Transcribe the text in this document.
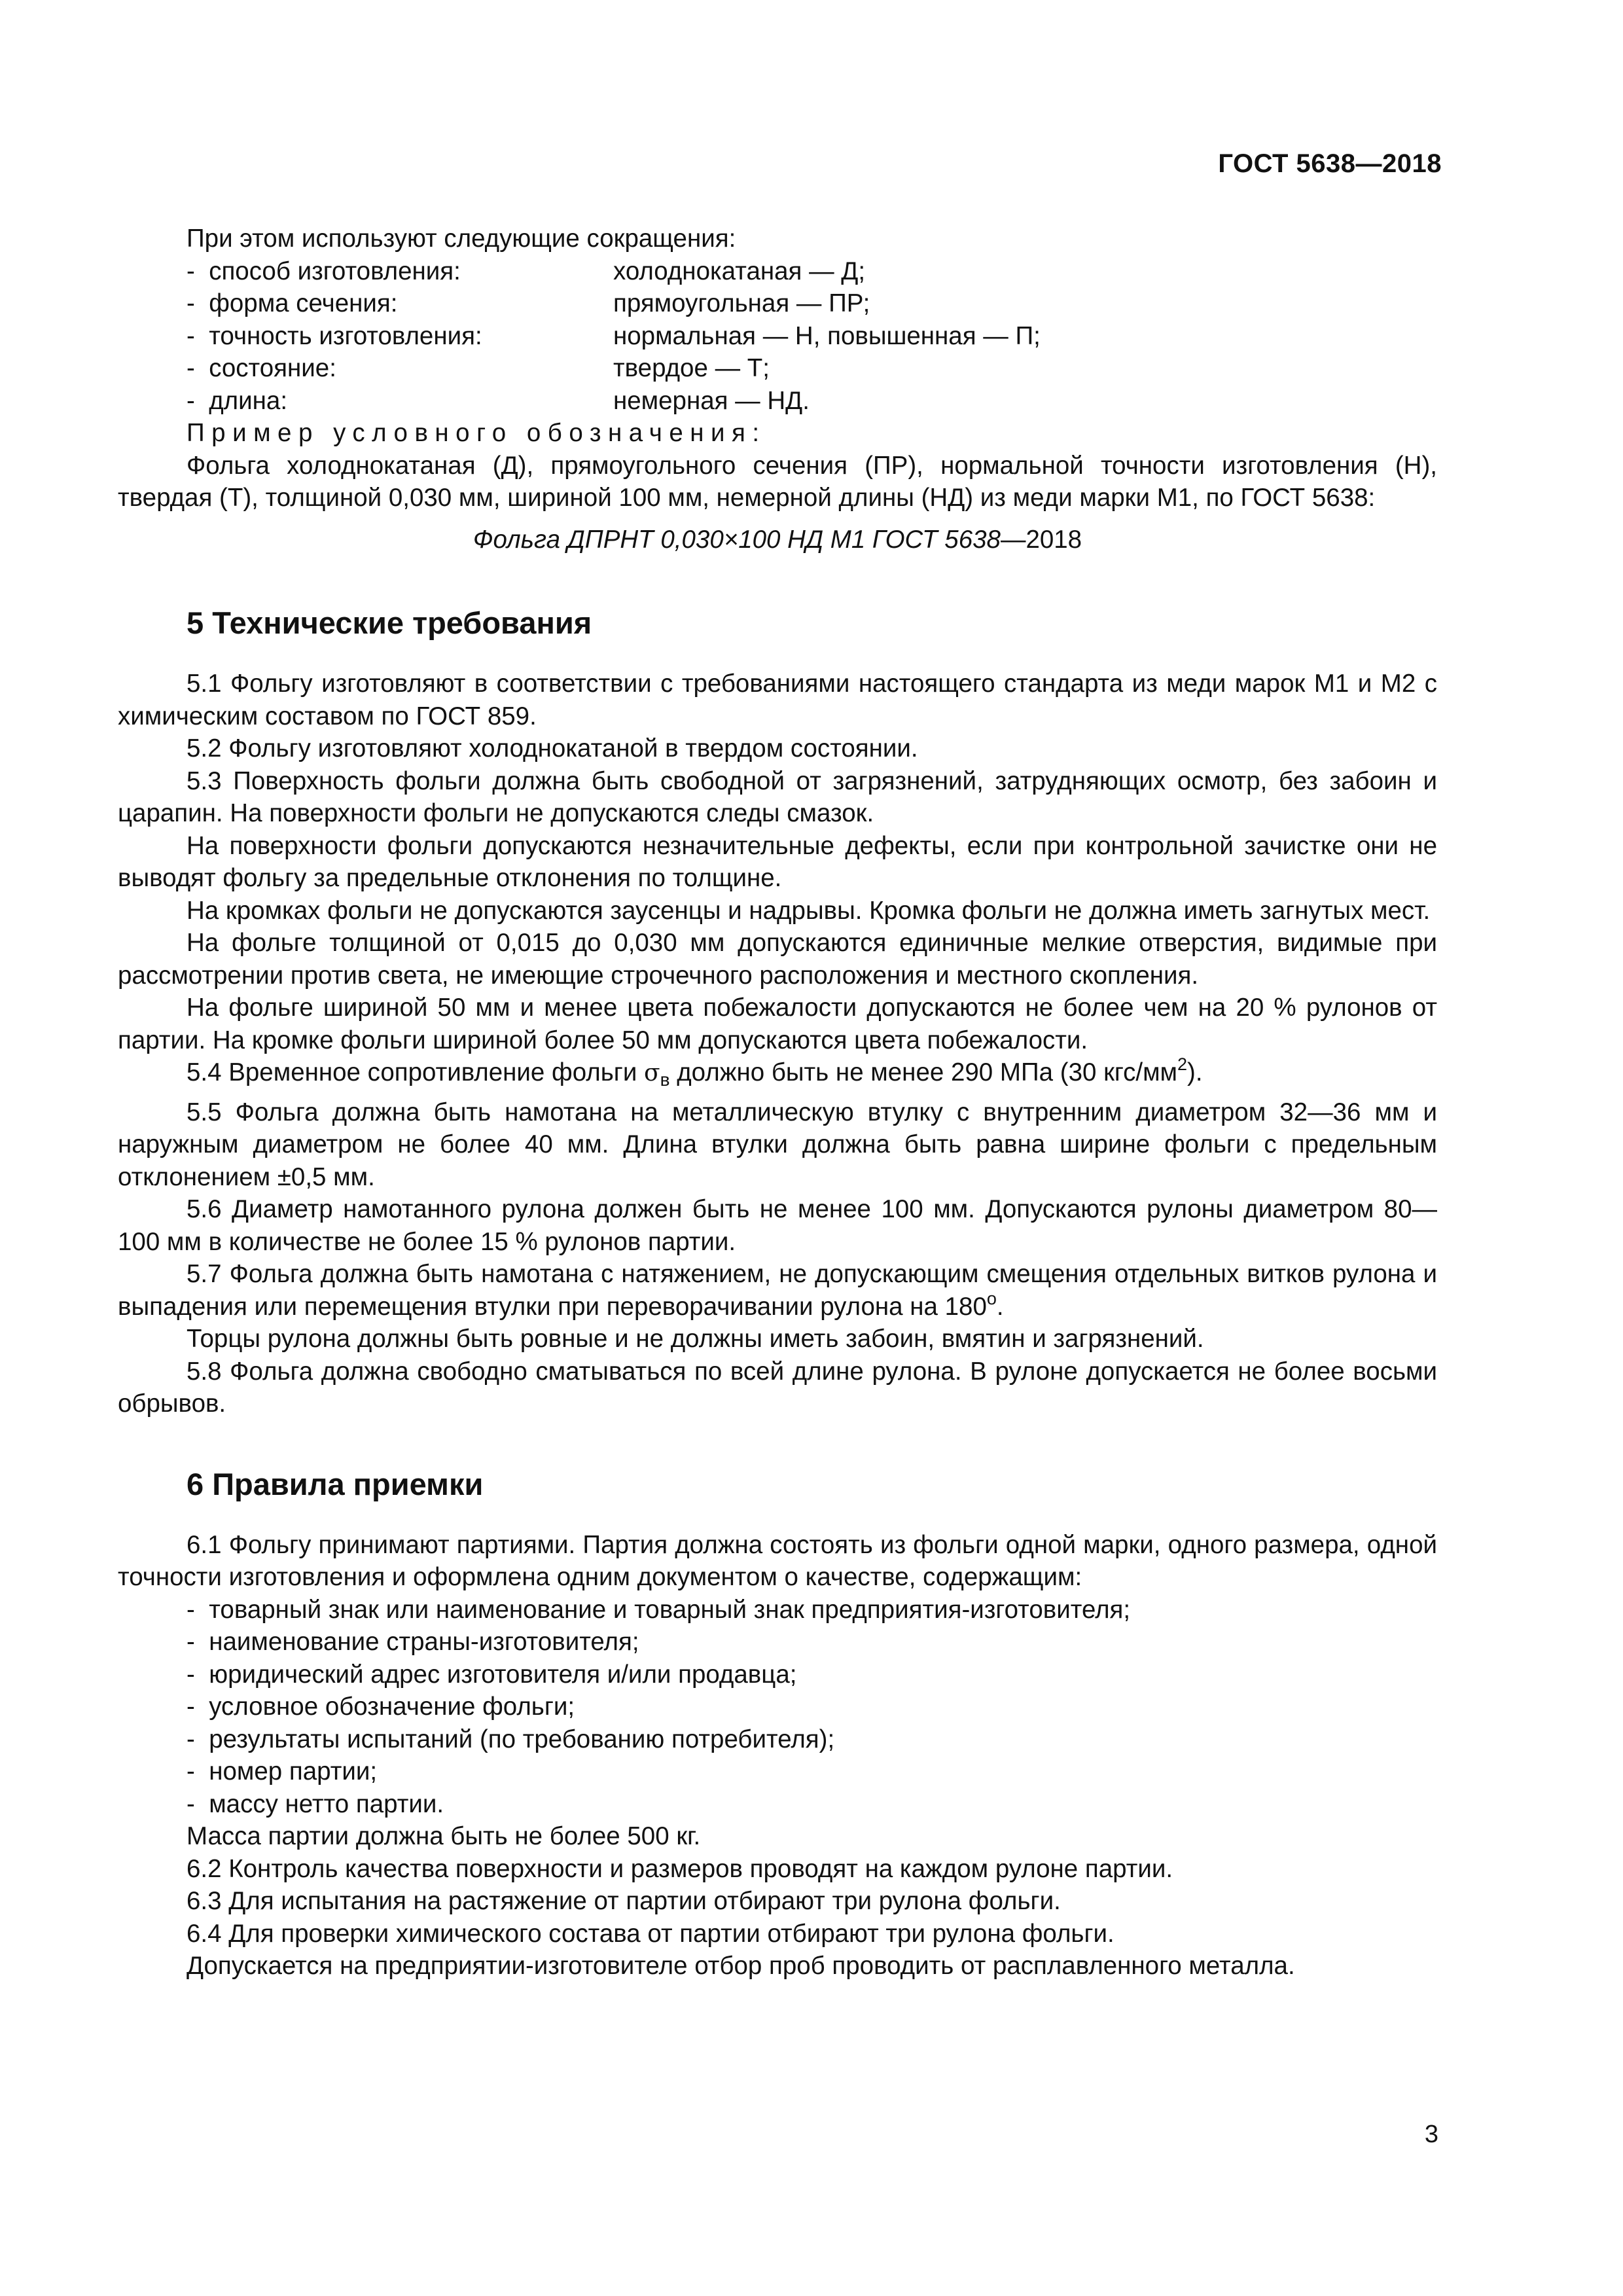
ГОСТ 5638—2018

При этом используют следующие сокращения:

-  способ изготовления:	холоднокатаная — Д;
-  форма сечения:	прямоугольная — ПР;
-  точность изготовления:	нормальная — Н, повышенная — П;
-  состояние:	твердое — Т;
-  длина:	немерная — НД.

Пример условного обозначения:

Фольга холоднокатаная (Д), прямоугольного сечения (ПР), нормальной точности изготовления (Н), твердая (Т), толщиной 0,030 мм, шириной 100 мм, немерной длины (НД) из меди марки М1, по ГОСТ 5638:

Фольга ДПРНТ 0,030×100 НД М1 ГОСТ 5638—2018

5 Технические требования

5.1 Фольгу изготовляют в соответствии с требованиями настоящего стандарта из меди марок М1 и М2 с химическим составом по ГОСТ 859.

5.2 Фольгу изготовляют холоднокатаной в твердом состоянии.

5.3 Поверхность фольги должна быть свободной от загрязнений, затрудняющих осмотр, без забоин и царапин. На поверхности фольги не допускаются следы смазок.

На поверхности фольги допускаются незначительные дефекты, если при контрольной зачистке они не выводят фольгу за предельные отклонения по толщине.

На кромках фольги не допускаются заусенцы и надрывы. Кромка фольги не должна иметь загнутых мест.

На фольге толщиной от 0,015 до 0,030 мм допускаются единичные мелкие отверстия, видимые при рассмотрении против света, не имеющие строчечного расположения и местного скопления.

На фольге шириной 50 мм и менее цвета побежалости допускаются не более чем на 20 % рулонов от партии. На кромке фольги шириной более 50 мм допускаются цвета побежалости.

5.4 Временное сопротивление фольги $\sigma_в$ должно быть не менее 290 МПа (30 кгс/$мм^2$).

5.5 Фольга должна быть намотана на металлическую втулку с внутренним диаметром 32—36 мм и наружным диаметром не более 40 мм. Длина втулки должна быть равна ширине фольги с предельным отклонением ±0,5 мм.

5.6 Диаметр намотанного рулона должен быть не менее 100 мм. Допускаются рулоны диаметром 80—100 мм в количестве не более 15 % рулонов партии.

5.7 Фольга должна быть намотана с натяжением, не допускающим смещения отдельных витков рулона и выпадения или перемещения втулки при переворачивании рулона на $180^о$.

Торцы рулона должны быть ровные и не должны иметь забоин, вмятин и загрязнений.

5.8 Фольга должна свободно сматываться по всей длине рулона. В рулоне допускается не более восьми обрывов.

6 Правила приемки

6.1 Фольгу принимают партиями. Партия должна состоять из фольги одной марки, одного размера, одной точности изготовления и оформлена одним документом о качестве, содержащим:

-  товарный знак или наименование и товарный знак предприятия-изготовителя;

-  наименование страны-изготовителя;

-  юридический адрес изготовителя и/или продавца;

-  условное обозначение фольги;

-  результаты испытаний (по требованию потребителя);

-  номер партии;

-  массу нетто партии.

Масса партии должна быть не более 500 кг.

6.2 Контроль качества поверхности и размеров проводят на каждом рулоне партии.

6.3 Для испытания на растяжение от партии отбирают три рулона фольги.

6.4 Для проверки химического состава от партии отбирают три рулона фольги.

Допускается на предприятии-изготовителе отбор проб проводить от расплавленного металла.

3
